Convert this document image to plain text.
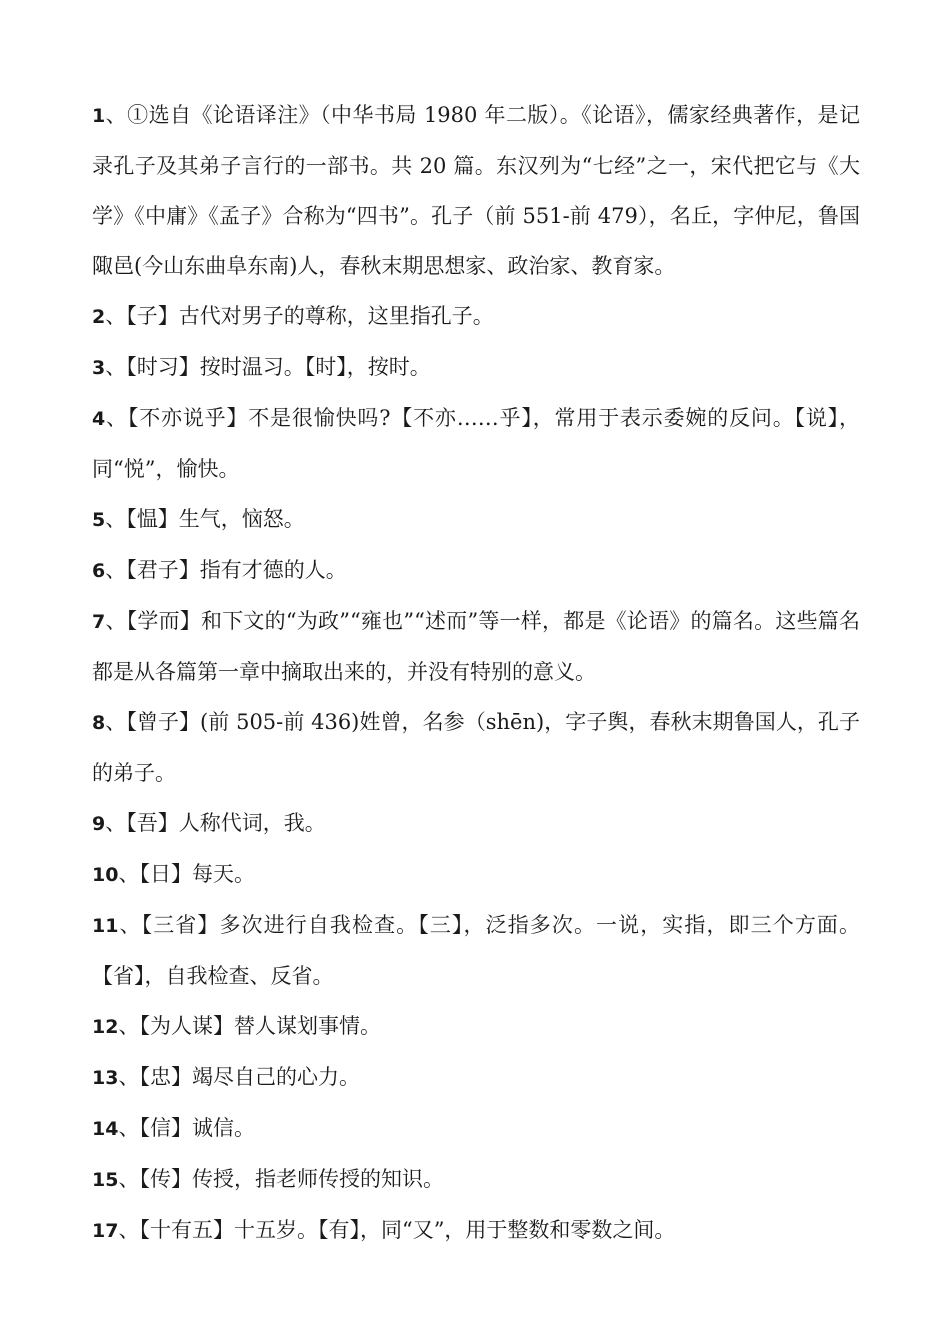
1、①选自《论语译注》（中华书局 1980 年二版）。《论语》，儒家经典著作，是记录孔子及其弟子言行的一部书。共 20 篇。东汉列为“七经”之一，宋代把它与《大学》《中庸》《孟子》合称为“四书”。孔子（前 551-前 479），名丘，字仲尼，鲁国陬邑(今山东曲阜东南)人，春秋末期思想家、政治家、教育家。

2、【子】古代对男子的尊称，这里指孔子。

3、【时习】按时温习。【时】，按时。

4、【不亦说乎】不是很愉快吗?【不亦……乎】，常用于表示委婉的反问。【说】，同“悦”，愉快。

5、【愠】生气，恼怒。

6、【君子】指有才德的人。

7、【学而】和下文的“为政”“雍也”“述而”等一样，都是《论语》的篇名。这些篇名都是从各篇第一章中摘取出来的，并没有特别的意义。

8、【曾子】(前 505-前 436)姓曾，名参（shēn)，字子舆，春秋末期鲁国人，孔子的弟子。

9、【吾】人称代词，我。

10、【日】每天。

11、【三省】多次进行自我检查。【三】，泛指多次。一说，实指，即三个方面。【省】，自我检查、反省。

12、【为人谋】替人谋划事情。

13、【忠】竭尽自己的心力。

14、【信】诚信。

15、【传】传授，指老师传授的知识。

17、【十有五】十五岁。【有】，同“又”，用于整数和零数之间。
